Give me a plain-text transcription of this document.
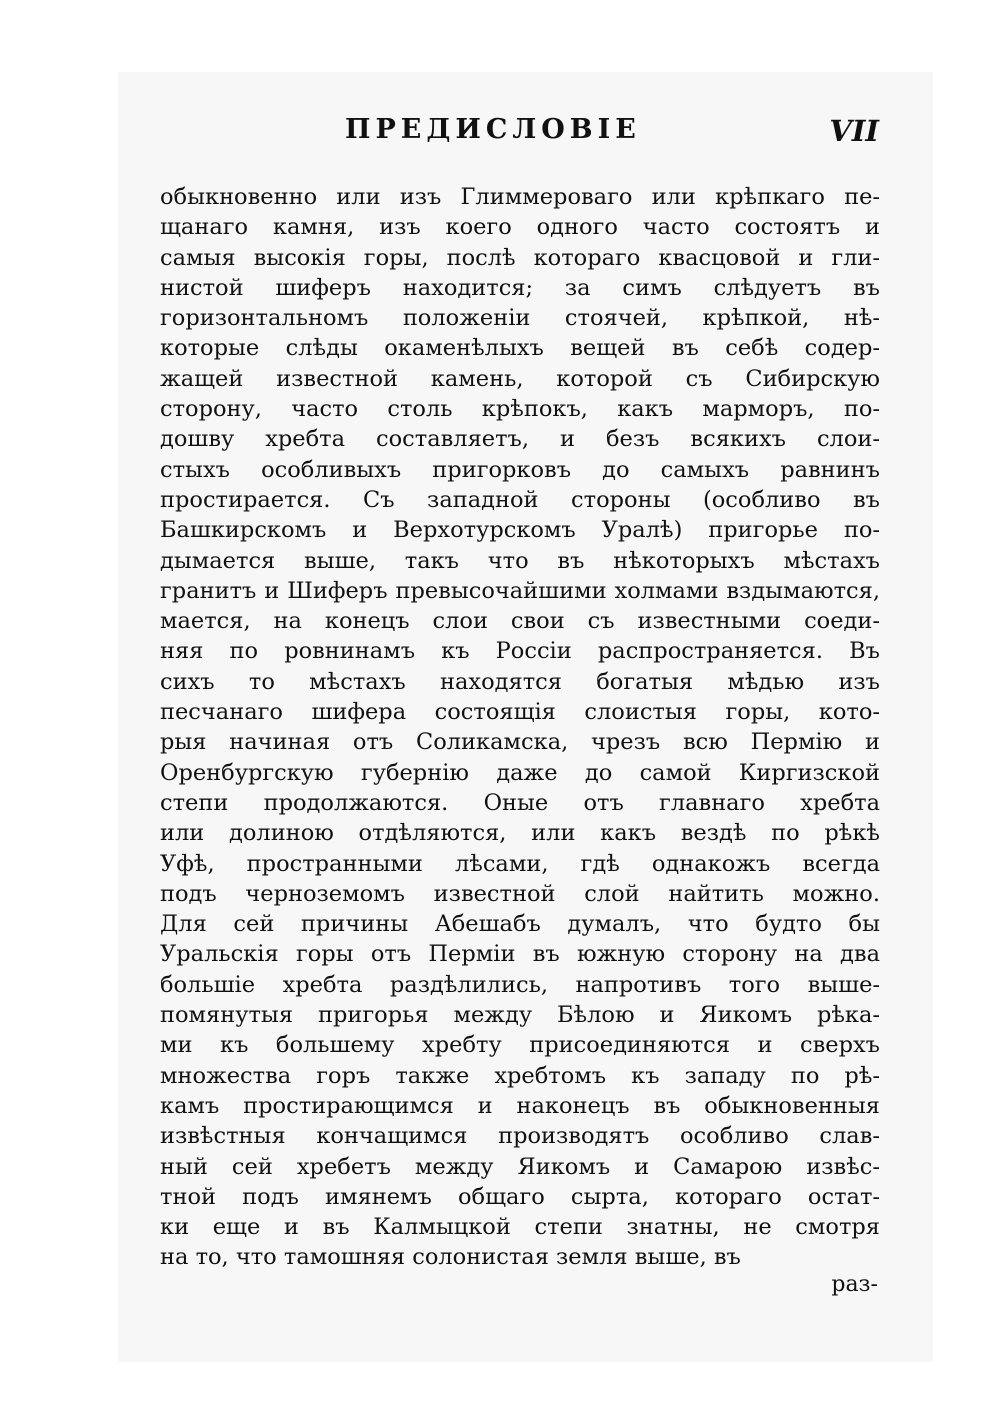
ПРЕДИСЛОВІЕ	VII
обыкновенно или изъ Глиммероваго или крѣпкаго пе-
щанаго камня, изъ коего одного часто состоятъ и
самыя высокія горы, послѣ котораго квасцовой и гли-
нистой шиферъ находится; за симъ слѣдуетъ въ
горизонтальномъ положеніи стоячей, крѣпкой, нѣ-
которые слѣды окаменѣлыхъ вещей въ себѣ содер-
жащей известной камень, которой съ Сибирскую
сторону, часто столь крѣпокъ, какъ марморъ, по-
дошву хребта составляетъ, и безъ всякихъ слои-
стыхъ особливыхъ пригорковъ до самыхъ равнинъ
простирается. Съ западной стороны (особливо въ
Башкирскомъ и Верхотурскомъ Уралѣ) пригорье по-
дымается выше, такъ что въ нѣкоторыхъ мѣстахъ
гранитъ и Шиферъ превысочайшими холмами вздымаются,
мается, на конецъ слои свои съ известными соеди-
няя по ровнинамъ къ Россіи распространяется. Въ
сихъ то мѣстахъ находятся богатыя мѣдью изъ
песчанаго шифера состоящія слоистыя горы, кото-
рыя начиная отъ Соликамска, чрезъ всю Пермію и
Оренбургскую губернію даже до самой Киргизской
степи продолжаются. Оные отъ главнаго хребта
или долиною отдѣляются, или какъ вездѣ по рѣкѣ
Уфѣ, пространными лѣсами, гдѣ однакожъ всегда
подъ черноземомъ известной слой найтить можно.
Для сей причины Абешабъ думалъ, что будто бы
Уральскія горы отъ Перміи въ южную сторону на два
большіе хребта раздѣлились, напротивъ того выше-
помянутыя пригорья между Бѣлою и Яикомъ рѣка-
ми къ большему хребту присоединяются и сверхъ
множества горъ также хребтомъ къ западу по рѣ-
камъ простирающимся и наконецъ въ обыкновенныя
извѣстныя кончащимся производятъ особливо слав-
ный сей хребетъ между Яикомъ и Самарою извѣс-
тной подъ имянемъ общаго сырта, котораго остат-
ки еще и въ Калмыцкой степи знатны, не смотря
на то, что тамошняя солонистая земля выше, въ
раз-
